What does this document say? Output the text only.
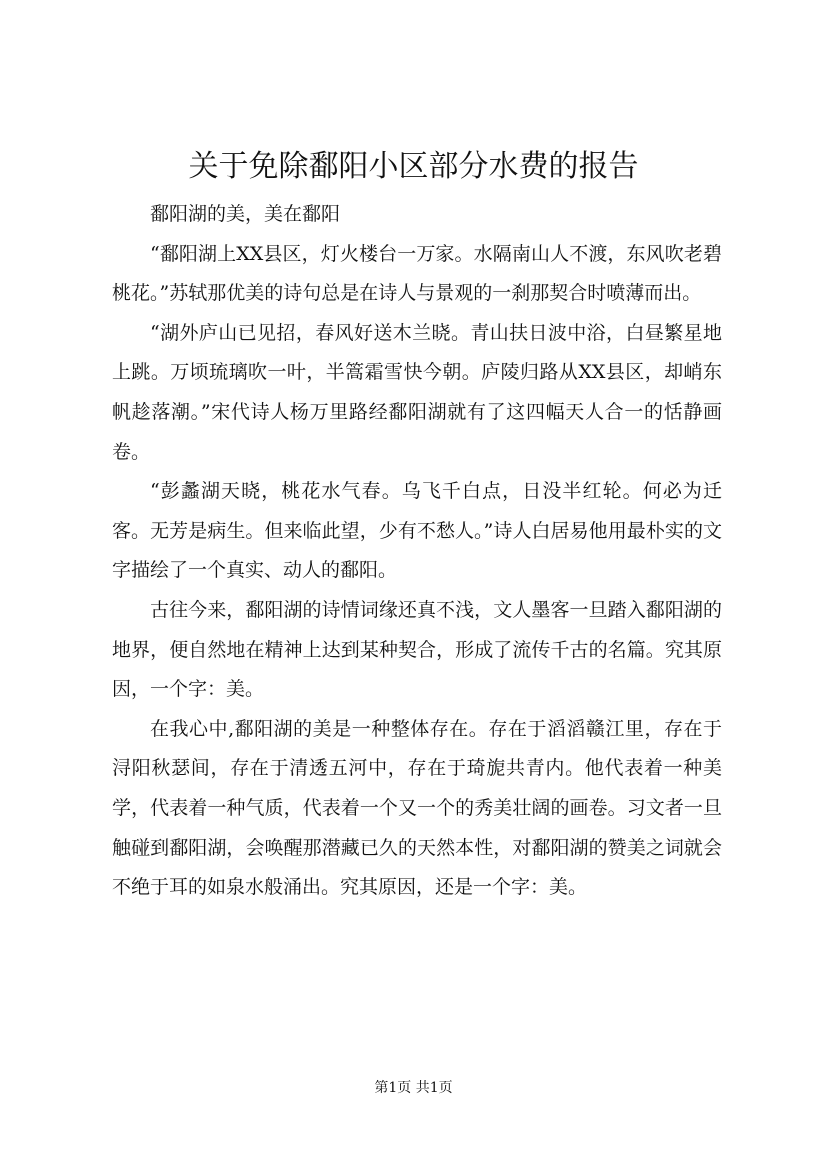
关于免除鄱阳小区部分水费的报告

鄱阳湖的美，美在鄱阳

“鄱阳湖上XX县区，灯火楼台一万家。水隔南山人不渡，东风吹老碧桃花。”苏轼那优美的诗句总是在诗人与景观的一刹那契合时喷薄而出。

“湖外庐山已见招，春风好送木兰晓。青山扶日波中浴，白昼繁星地上跳。万顷琉璃吹一叶，半篙霜雪快今朝。庐陵归路从XX县区，却峭东帆趁落潮。”宋代诗人杨万里路经鄱阳湖就有了这四幅天人合一的恬静画卷。

“彭蠡湖天晓，桃花水气春。乌飞千白点，日没半红轮。何必为迁客。无芳是病生。但来临此望，少有不愁人。”诗人白居易他用最朴实的文字描绘了一个真实、动人的鄱阳。

古往今来，鄱阳湖的诗情词缘还真不浅，文人墨客一旦踏入鄱阳湖的地界，便自然地在精神上达到某种契合，形成了流传千古的名篇。究其原因，一个字：美。

在我心中,鄱阳湖的美是一种整体存在。存在于滔滔赣江里，存在于浔阳秋瑟间，存在于清透五河中，存在于琦旎共青内。他代表着一种美学，代表着一种气质，代表着一个又一个的秀美壮阔的画卷。习文者一旦触碰到鄱阳湖，会唤醒那潜藏已久的天然本性，对鄱阳湖的赞美之词就会不绝于耳的如泉水般涌出。究其原因，还是一个字：美。

第1页 共1页
